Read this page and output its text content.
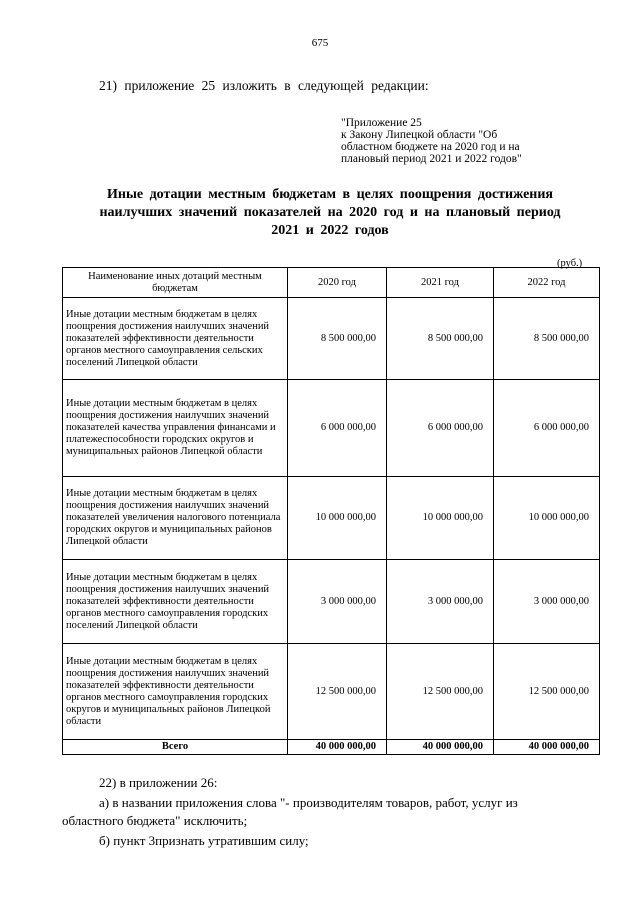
675
21) приложение 25 изложить в следующей редакции:
"Приложение 25
к Закону Липецкой области "Об
областном бюджете на 2020 год и на
плановый период 2021 и 2022 годов"
Иные дотации местным бюджетам в целях поощрения достижения
наилучших значений показателей на 2020 год и на плановый период
2021 и 2022 годов
(руб.)
Наименование иных дотаций местным бюджетам	2020 год	2021 год	2022 год
Иные дотации местным бюджетам в целях поощрения достижения наилучших значений показателей эффективности деятельности органов местного самоуправления сельских поселений Липецкой области	8 500 000,00	8 500 000,00	8 500 000,00
Иные дотации местным бюджетам в целях поощрения достижения наилучших значений показателей качества управления финансами и платежеспособности городских округов и муниципальных районов Липецкой области	6 000 000,00	6 000 000,00	6 000 000,00
Иные дотации местным бюджетам в целях поощрения достижения наилучших значений показателей увеличения налогового потенциала городских округов и муниципальных районов Липецкой области	10 000 000,00	10 000 000,00	10 000 000,00
Иные дотации местным бюджетам в целях поощрения достижения наилучших значений показателей эффективности деятельности органов местного самоуправления городских поселений Липецкой области	3 000 000,00	3 000 000,00	3 000 000,00
Иные дотации местным бюджетам в целях поощрения достижения наилучших значений показателей эффективности деятельности органов местного самоуправления городских округов и муниципальных районов Липецкой области	12 500 000,00	12 500 000,00	12 500 000,00
Всего	40 000 000,00	40 000 000,00	40 000 000,00
22) в приложении 26:
а) в названии приложения слова "- производителям товаров, работ, услуг из
областного бюджета" исключить;
б) пункт 3признать утратившим силу;
